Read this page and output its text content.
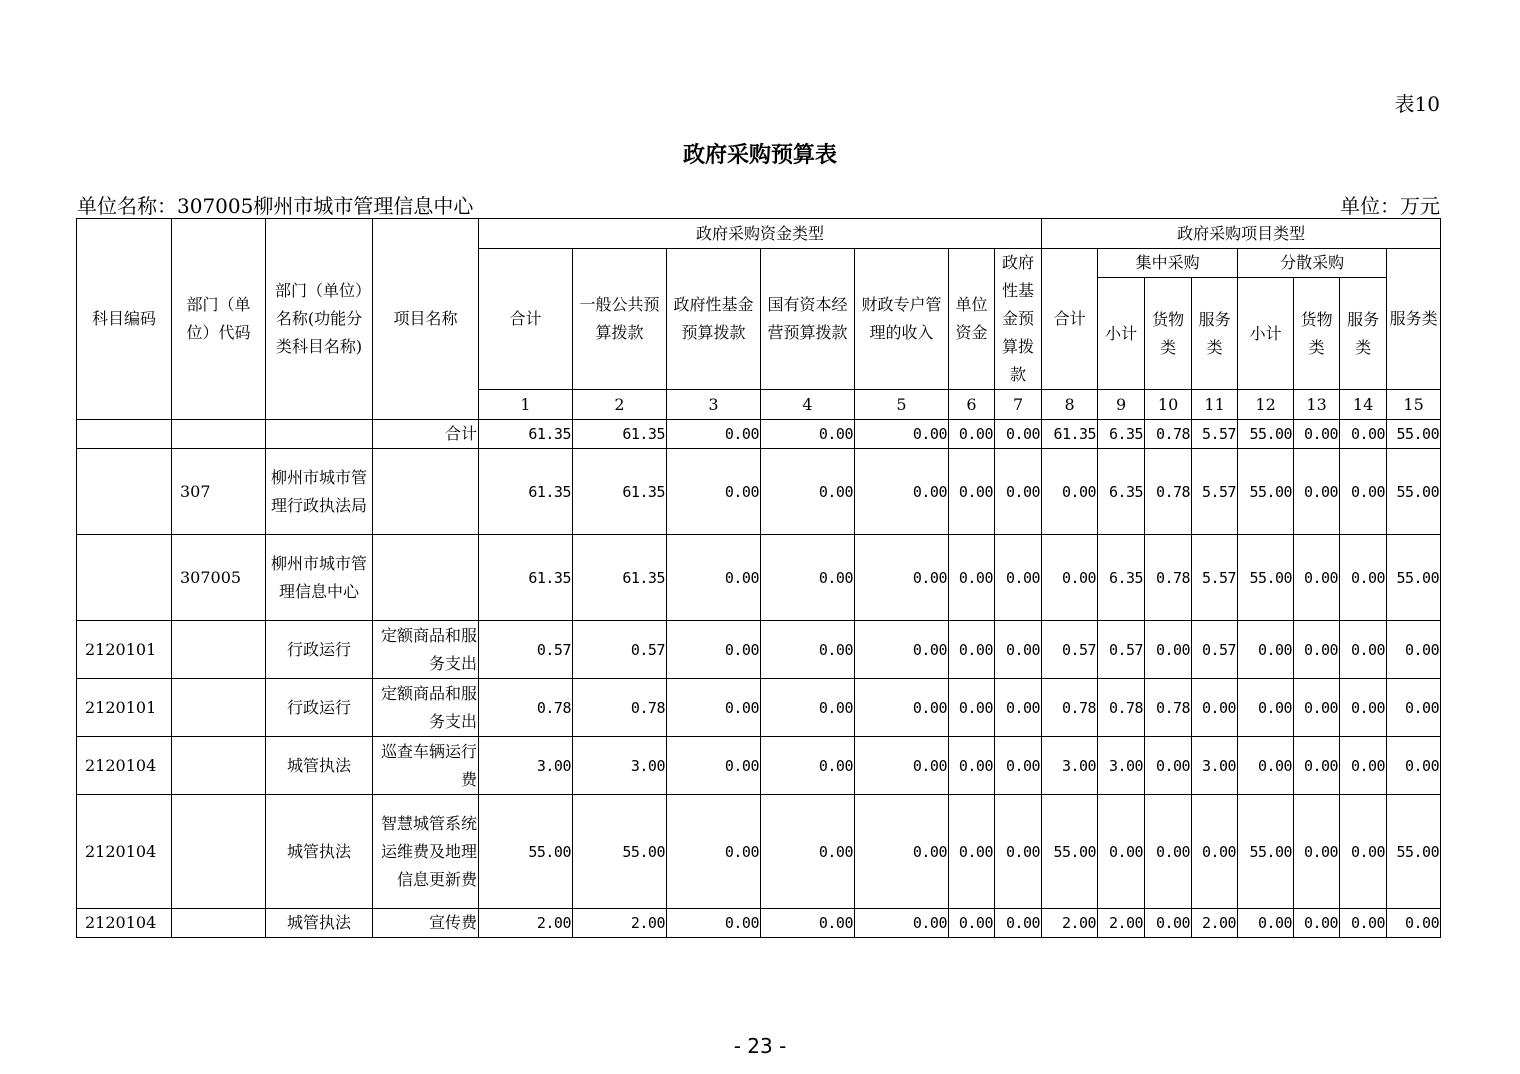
表10
政府采购预算表
单位名称：307005柳州市城市管理信息中心	单位：万元
科目编码	部门（单位）代码	部门（单位）名称(功能分类科目名称)	项目名称	政府采购资金类型							政府采购项目类型							
				合计	一般公共预算拨款	政府性基金预算拨款	国有资本经营预算拨款	财政专户管理的收入	单位资金	政府性基金预算拨款	合计	集中采购			分散采购			服务类
												小计	货物类	服务类	小计	货物类	服务类	
				1	2	3	4	5	6	7	8	9	10	11	12	13	14	15
			合计	61.35	61.35	0.00	0.00	0.00	0.00	0.00	61.35	6.35	0.78	5.57	55.00	0.00	0.00	55.00
	307	柳州市城市管理行政执法局		61.35	61.35	0.00	0.00	0.00	0.00	0.00	0.00	6.35	0.78	5.57	55.00	0.00	0.00	55.00
	307005	柳州市城市管理信息中心		61.35	61.35	0.00	0.00	0.00	0.00	0.00	0.00	6.35	0.78	5.57	55.00	0.00	0.00	55.00
2120101		行政运行	定额商品和服务支出	0.57	0.57	0.00	0.00	0.00	0.00	0.00	0.57	0.57	0.00	0.57	0.00	0.00	0.00	0.00
2120101		行政运行	定额商品和服务支出	0.78	0.78	0.00	0.00	0.00	0.00	0.00	0.78	0.78	0.78	0.00	0.00	0.00	0.00	0.00
2120104		城管执法	巡查车辆运行费	3.00	3.00	0.00	0.00	0.00	0.00	0.00	3.00	3.00	0.00	3.00	0.00	0.00	0.00	0.00
2120104		城管执法	智慧城管系统运维费及地理信息更新费	55.00	55.00	0.00	0.00	0.00	0.00	0.00	55.00	0.00	0.00	0.00	55.00	0.00	0.00	55.00
2120104		城管执法	宣传费	2.00	2.00	0.00	0.00	0.00	0.00	0.00	2.00	2.00	0.00	2.00	0.00	0.00	0.00	0.00
- 23 -
